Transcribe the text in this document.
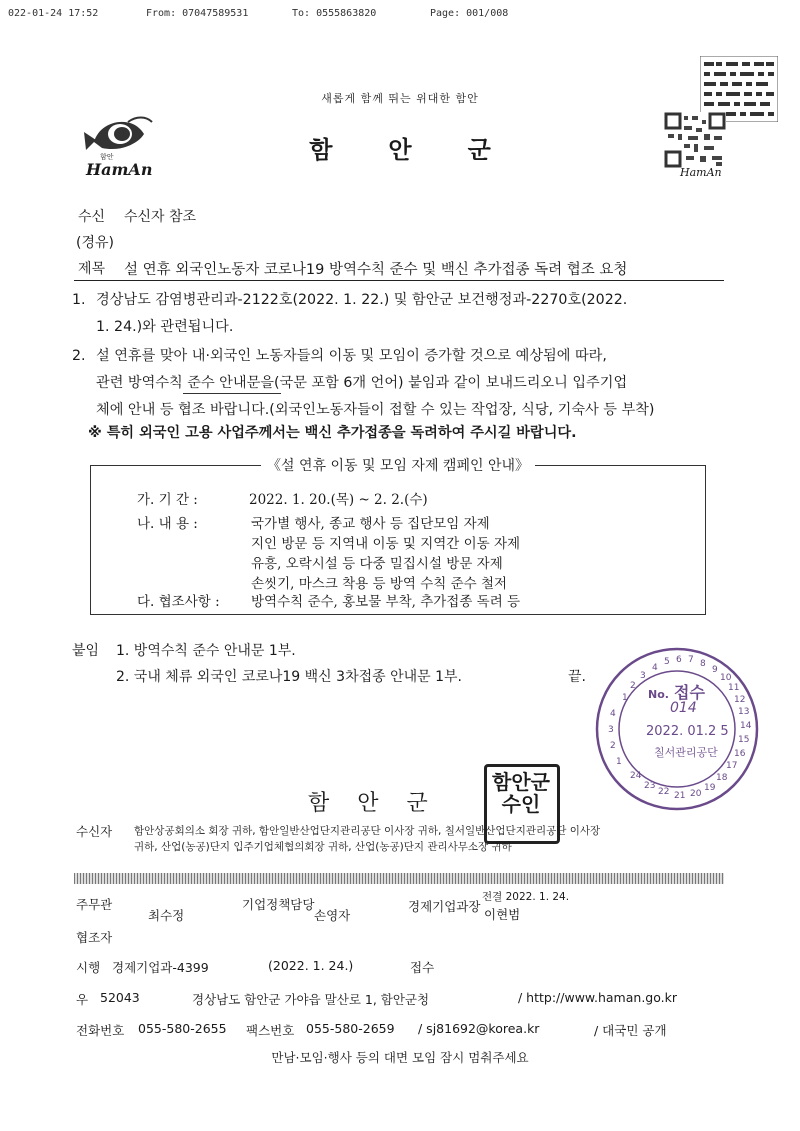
022-01-24 17:52	From: 07047589531	To: 0555863820	Page: 001/008
HamAn
함안
HamAn
새롭게 함께 뛰는 위대한 함안
함안군
수신 수신자 참조
(경유)
제목 설 연휴 외국인노동자 코로나19 방역수칙 준수 및 백신 추가접종 독려 협조 요청
1. 경상남도 감염병관리과-2122호(2022. 1. 22.) 및 함안군 보건행정과-2270호(2022.
1. 24.)와 관련됩니다.
2. 설 연휴를 맞아 내·외국인 노동자들의 이동 및 모임이 증가할 것으로 예상됨에 따라,
관련 방역수칙 준수 안내문을(국문 포함 6개 언어) 붙임과 같이 보내드리오니 입주기업
체에 안내 등 협조 바랍니다.(외국인노동자들이 접할 수 있는 작업장, 식당, 기숙사 등 부착)
※ 특히 외국인 고용 사업주께서는 백신 추가접종을 독려하여 주시길 바랍니다.
《설 연휴 이동 및 모임 자제 캠페인 안내》
가. 기 간 :	2022. 1. 20.(목) ~ 2. 2.(수)
나. 내 용 :	국가별 행사, 종교 행사 등 집단모임 자제
지인 방문 등 지역내 이동 및 지역간 이동 자제
유흥, 오락시설 등 다중 밀집시설 방문 자제
손씻기, 마스크 착용 등 방역 수칙 준수 철저
다. 협조사항 : 방역수칙 준수, 홍보물 부착, 추가접종 독려 등
붙임 1. 방역수칙 준수 안내문 1부.
2. 국내 체류 외국인 코로나19 백신 3차접종 안내문 1부.	끝.
1
2
3
4
5 6 7 8
9
10
11
12
13
14
15
16
17
18
19
20
21
22
23
24
1
2
3
4
No. 접수
014
2022. 01.2 5
칠서관리공단
함안군
함안군수인
수신자 함안상공회의소 회장 귀하, 함안일반산업단지관리공단 이사장 귀하, 칠서일반산업단지관리공단 이사장
귀하, 산업(농공)단지 입주기업체협의회장 귀하, 산업(농공)단지 관리사무소장 귀하
주무관
최수정
기업정책담당
손영자
경제기업과장
전결 2022. 1. 24.
이현범
협조자
시행 경제기업과-4399	(2022. 1. 24.)	접수
우 52043	경상남도 함안군 가야읍 말산로 1, 함안군청	/ http://www.haman.go.kr
전화번호 055-580-2655 팩스번호 055-580-2659 / sj81692@korea.kr	/ 대국민 공개
만남·모임·행사 등의 대면 모임 잠시 멈춰주세요
